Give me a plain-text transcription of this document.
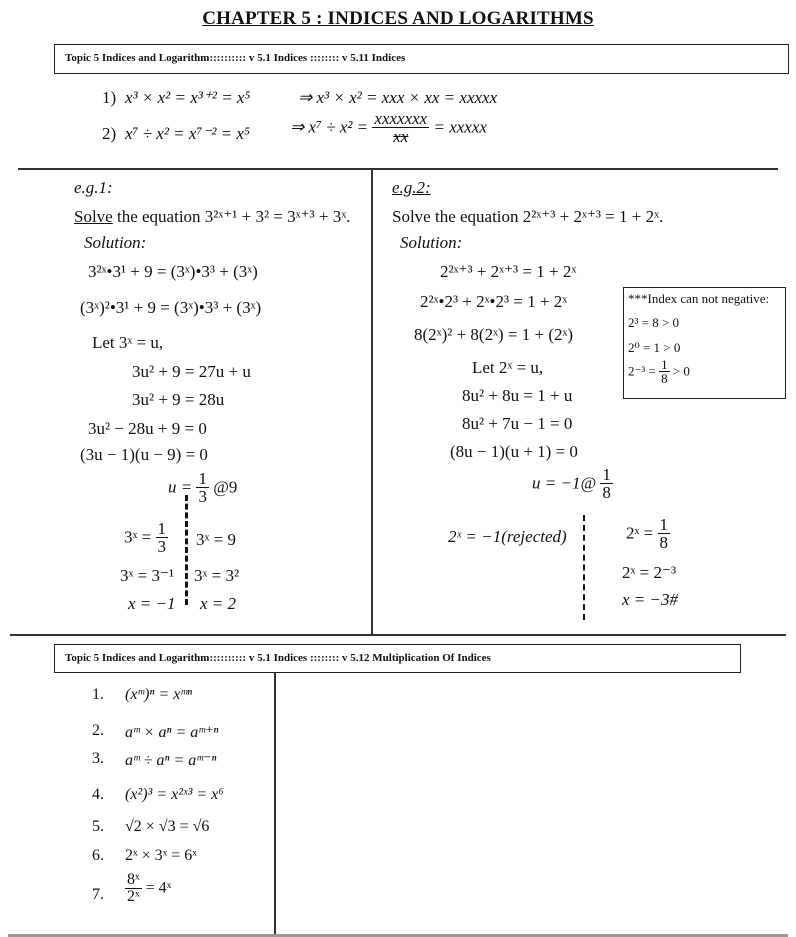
CHAPTER 5 : INDICES AND LOGARITHMS
Topic 5 Indices and Logarithm:::::::::: v 5.1 Indices :::::::: v 5.11 Indices
1) x³ × x² = x³⁺² = x⁵	⇒ x³ × x² = xxx × xx = xxxxx
2) x⁷ ÷ x² = x⁷⁻² = x⁵ ⇒ $x^7 \div x^2 = \frac{\text{xxxxxxx}}{xx}$ = xxxxx
e.g.1:
Solve the equation 3²ˣ⁺¹ + 3² = 3ˣ⁺³ + 3ˣ.
Solution:
3²ˣ•3¹ + 9 = (3ˣ)•3³ + (3ˣ)
(3ˣ)²•3¹ + 9 = (3ˣ)•3³ + (3ˣ)
Let 3ˣ = u,
3u² + 9 = 27u + u
3u² + 9 = 28u
3u² − 28u + 9 = 0
(3u − 1)(u − 9) = 0
$u = \frac{1}{3}$ @9
3ˣ = $\frac{1}{3}$
3ˣ = 3⁻¹
x = −1
3ˣ = 9
3ˣ = 3²
x = 2
e.g.2:
Solve the equation 2²ˣ⁺³ + 2ˣ⁺³ = 1 + 2ˣ.
Solution:
2²ˣ⁺³ + 2ˣ⁺³ = 1 + 2ˣ
2²ˣ•2³ + 2ˣ•2³ = 1 + 2ˣ
8(2ˣ)² + 8(2ˣ) = 1 + (2ˣ)
Let 2ˣ = u,
8u² + 8u = 1 + u
8u² + 7u − 1 = 0
(8u − 1)(u + 1) = 0
u = −1@ $\frac{1}{8}$
2ˣ = −1(rejected)	2ˣ = $\frac{1}{8}$
2ˣ = 2⁻³
x = −3#
***Index can not negative:
2³ = 8 > 0
2⁰ = 1 > 0
$2^{-3} = \frac{1}{8} > 0$
Topic 5 Indices and Logarithm:::::::::: v 5.1 Indices :::::::: v 5.12 Multiplication Of Indices
1. (xᵐ)ⁿ = xᵐⁿ
2. aᵐ × aⁿ = aᵐ⁺ⁿ
3. aᵐ ÷ aⁿ = aᵐ⁻ⁿ
4. (x²)³ = x²ˣ³ = x⁶
5. √2 × √3 = √6
6. 2ˣ × 3ˣ = 6ˣ
7. $\frac{\text{8ˣ}}{\text{2ˣ}}$ = 4ˣ
